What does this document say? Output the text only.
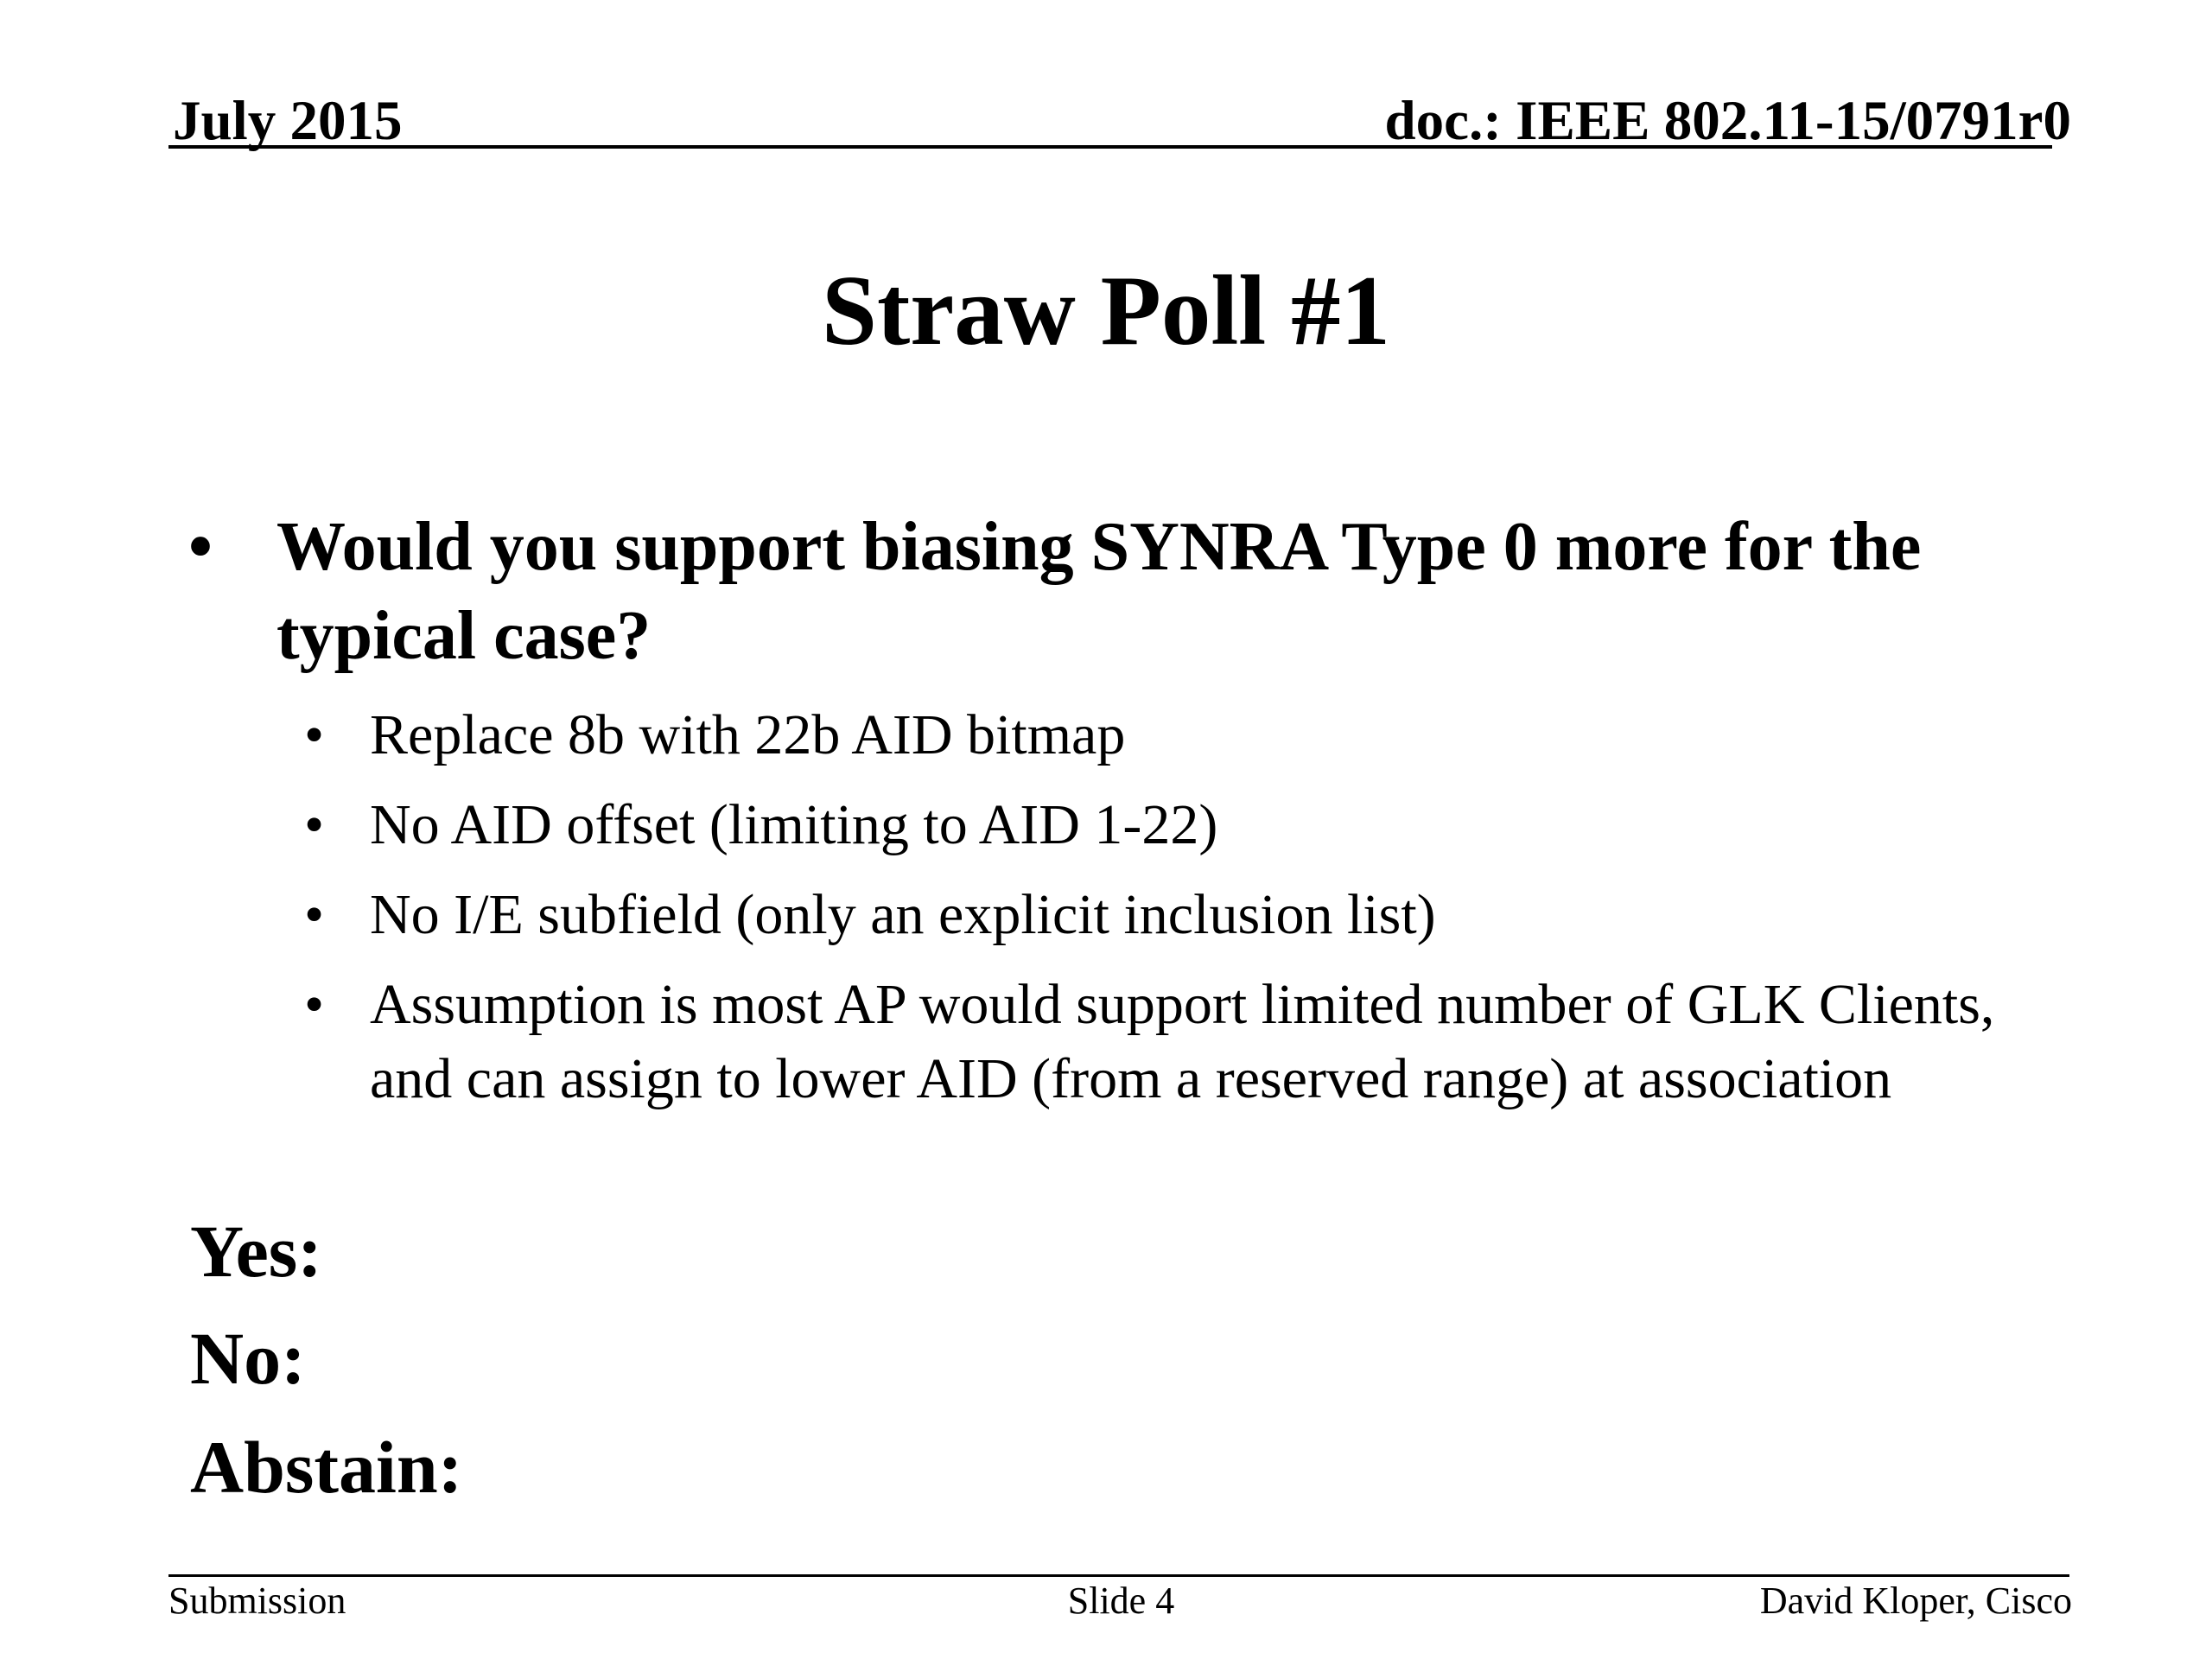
July 2015	doc.: IEEE 802.11-15/0791r0
Straw Poll #1
• Would you support biasing SYNRA Type 0 more for the typical case?
• Replace 8b with 22b AID bitmap
• No AID offset (limiting to AID 1-22)
• No I/E subfield (only an explicit inclusion list)
• Assumption is most AP would support limited number of GLK Clients, and can assign to lower AID (from a reserved range) at association
Yes:
No:
Abstain:
Submission	Slide 4	David Kloper, Cisco
